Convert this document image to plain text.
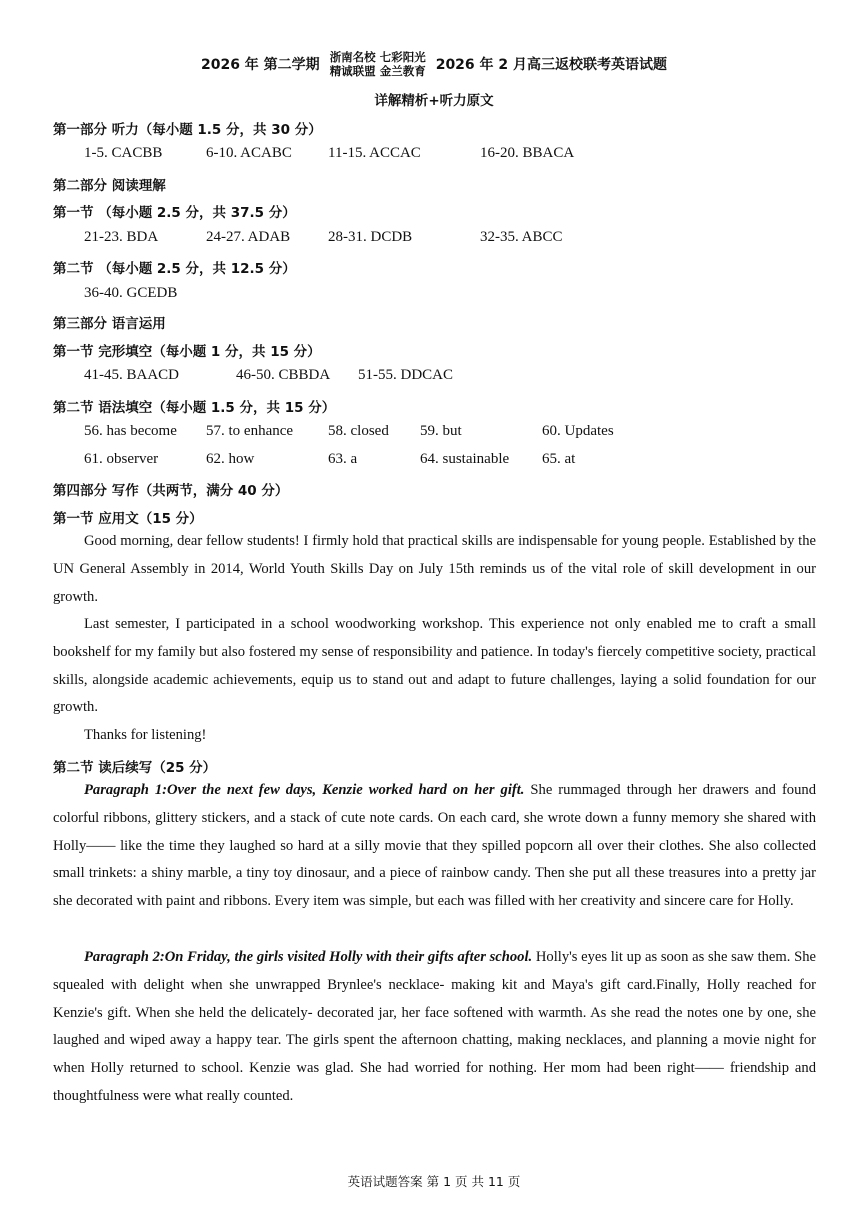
2026 年 第二学期 浙南名校 七彩阳光
精诚联盟 金兰教育 2026 年 2 月高三返校联考英语试题
详解精析+听力原文
第一部分 听力（每小题 1.5 分，共 30 分）
1-5. CACBB	6-10. ACABC 11-15. ACCAC	16-20. BBACA
第二部分 阅读理解
第一节 （每小题 2.5 分，共 37.5 分）
21-23. BDA	24-27. ADAB	28-31. DCDB	32-35. ABCC
第二节 （每小题 2.5 分，共 12.5 分）
36-40. GCEDB
第三部分 语言运用
第一节 完形填空（每小题 1 分，共 15 分）
41-45. BAACD	46-50. CBBDA 51-55. DDCAC
第二节 语法填空（每小题 1.5 分，共 15 分）
56. has become 57. to enhance 58. closed 59. but	60. Updates
61. observer	62. how	63. a	64. sustainable 65. at
第四部分 写作（共两节，满分 40 分）
第一节 应用文（15 分）
Good morning, dear fellow students! I firmly hold that practical skills are indispensable for young people. Established by the UN General Assembly in 2014, World Youth Skills Day on July 15th reminds us of the vital role of skill development in our growth.
Last semester, I participated in a school woodworking workshop. This experience not only enabled me to craft a small bookshelf for my family but also fostered my sense of responsibility and patience. In today's fiercely competitive society, practical skills, alongside academic achievements, equip us to stand out and adapt to future challenges, laying a solid foundation for our growth.
Thanks for listening!
第二节 读后续写（25 分）
Paragraph 1:Over the next few days, Kenzie worked hard on her gift. She rummaged through her drawers and found colorful ribbons, glittery stickers, and a stack of cute note cards. On each card, she wrote down a funny memory she shared with Holly—— like the time they laughed so hard at a silly movie that they spilled popcorn all over their clothes. She also collected small trinkets: a shiny marble, a tiny toy dinosaur, and a piece of rainbow candy. Then she put all these treasures into a pretty jar she decorated with paint and ribbons. Every item was simple, but each was filled with her creativity and sincere care for Holly.
Paragraph 2:On Friday, the girls visited Holly with their gifts after school. Holly's eyes lit up as soon as she saw them. She squealed with delight when she unwrapped Brynlee's necklace- making kit and Maya's gift card.Finally, Holly reached for Kenzie's gift. When she held the delicately- decorated jar, her face softened with warmth. As she read the notes one by one, she laughed and wiped away a happy tear. The girls spent the afternoon chatting, making necklaces, and planning a movie night for when Holly returned to school. Kenzie was glad. She had worried for nothing. Her mom had been right—— friendship and thoughtfulness were what really counted.
英语试题答案 第 1 页 共 11 页
